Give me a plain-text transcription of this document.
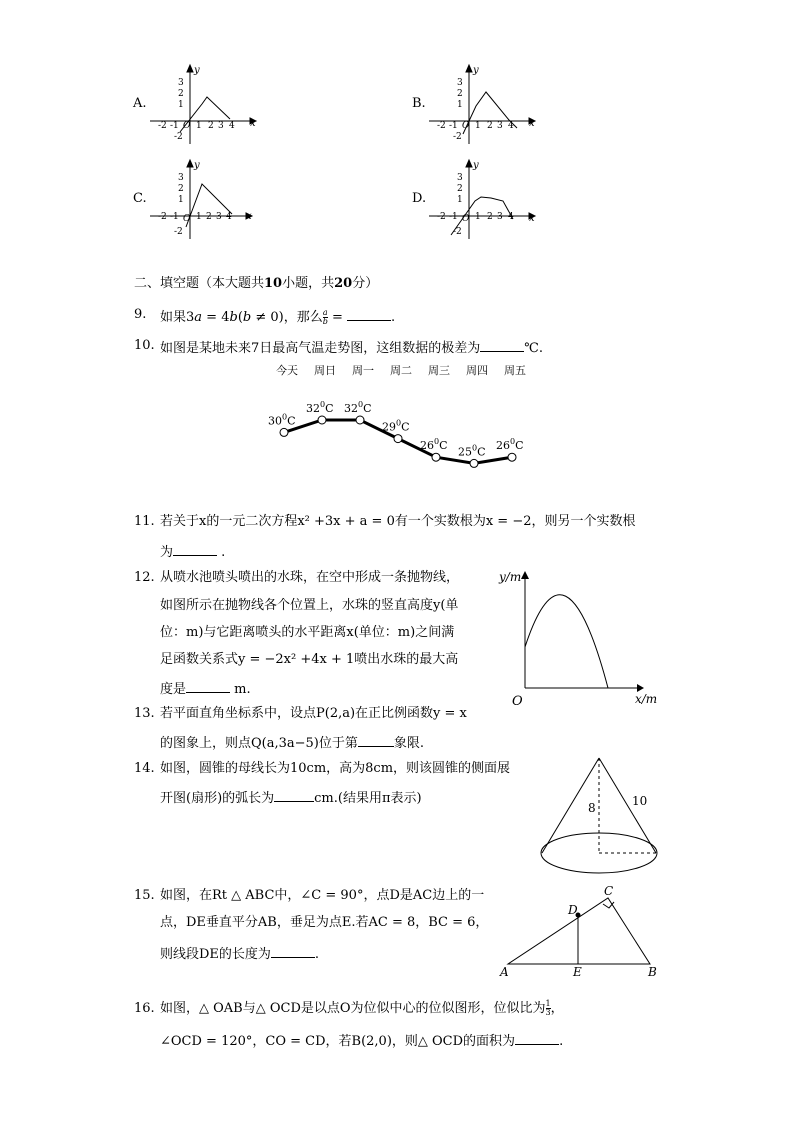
A.	B.
C.	D.
y
x
3
2
1
-2
-2 -1 O 1 2 3 4
y
x
3
2
1
-2
-2 -1 O 1 2 3 4
y
x
3
2
1
-2
-2 -1 O 1 2 3 4
y
x
3
2
1
-2
-2 -1 O 1 2 3 4
二、填空题（本大题共10小题，共20分）
9. 如果3a = 4b(b ≠ 0)，那么 $\frac{a}{b}$ =	.
10. 如图是某地未来7日最高气温走势图，这组数据的极差为	℃.
今天 周日 周一 周二 周三 周四 周五
$30^0C$
$32^0C$ $32^0C$
$29^0C$
$26^0C$ $25^0C$ $26^0C$
11. 若关于x的一元二次方程x² +3x + a = 0有一个实数根为x = −2，则另一个实数根
为	.
12. 从喷水池喷头喷出的水珠，在空中形成一条抛物线，
如图所示在抛物线各个位置上，水珠的竖直高度y(单
位：m)与它距离喷头的水平距离x(单位：m)之间满
足函数关系式y = −2x² +4x + 1喷出水珠的最大高
度是	m.
y/m
x/m
O
13. 若平面直角坐标系中，设点P(2,a)在正比例函数y = x
的图象上，则点Q(a,3a−5)位于第	象限.
14. 如图，圆锥的母线长为10cm，高为8cm，则该圆锥的侧面展
开图(扇形)的弧长为	cm.(结果用π表示)
8	10
15. 如图，在Rt △ ABC中，∠C = 90°，点D是AC边上的一
点，DE垂直平分AB，垂足为点E.若AC = 8，BC = 6，
则线段DE的长度为	.
A	B
C
D
E
16. 如图，△ OAB与△ OCD是以点O为位似中心的位似图形，位似比为 $\frac{1}{3}$ ，
∠OCD = 120°，CO = CD，若B(2,0)，则△ OCD的面积为	.
